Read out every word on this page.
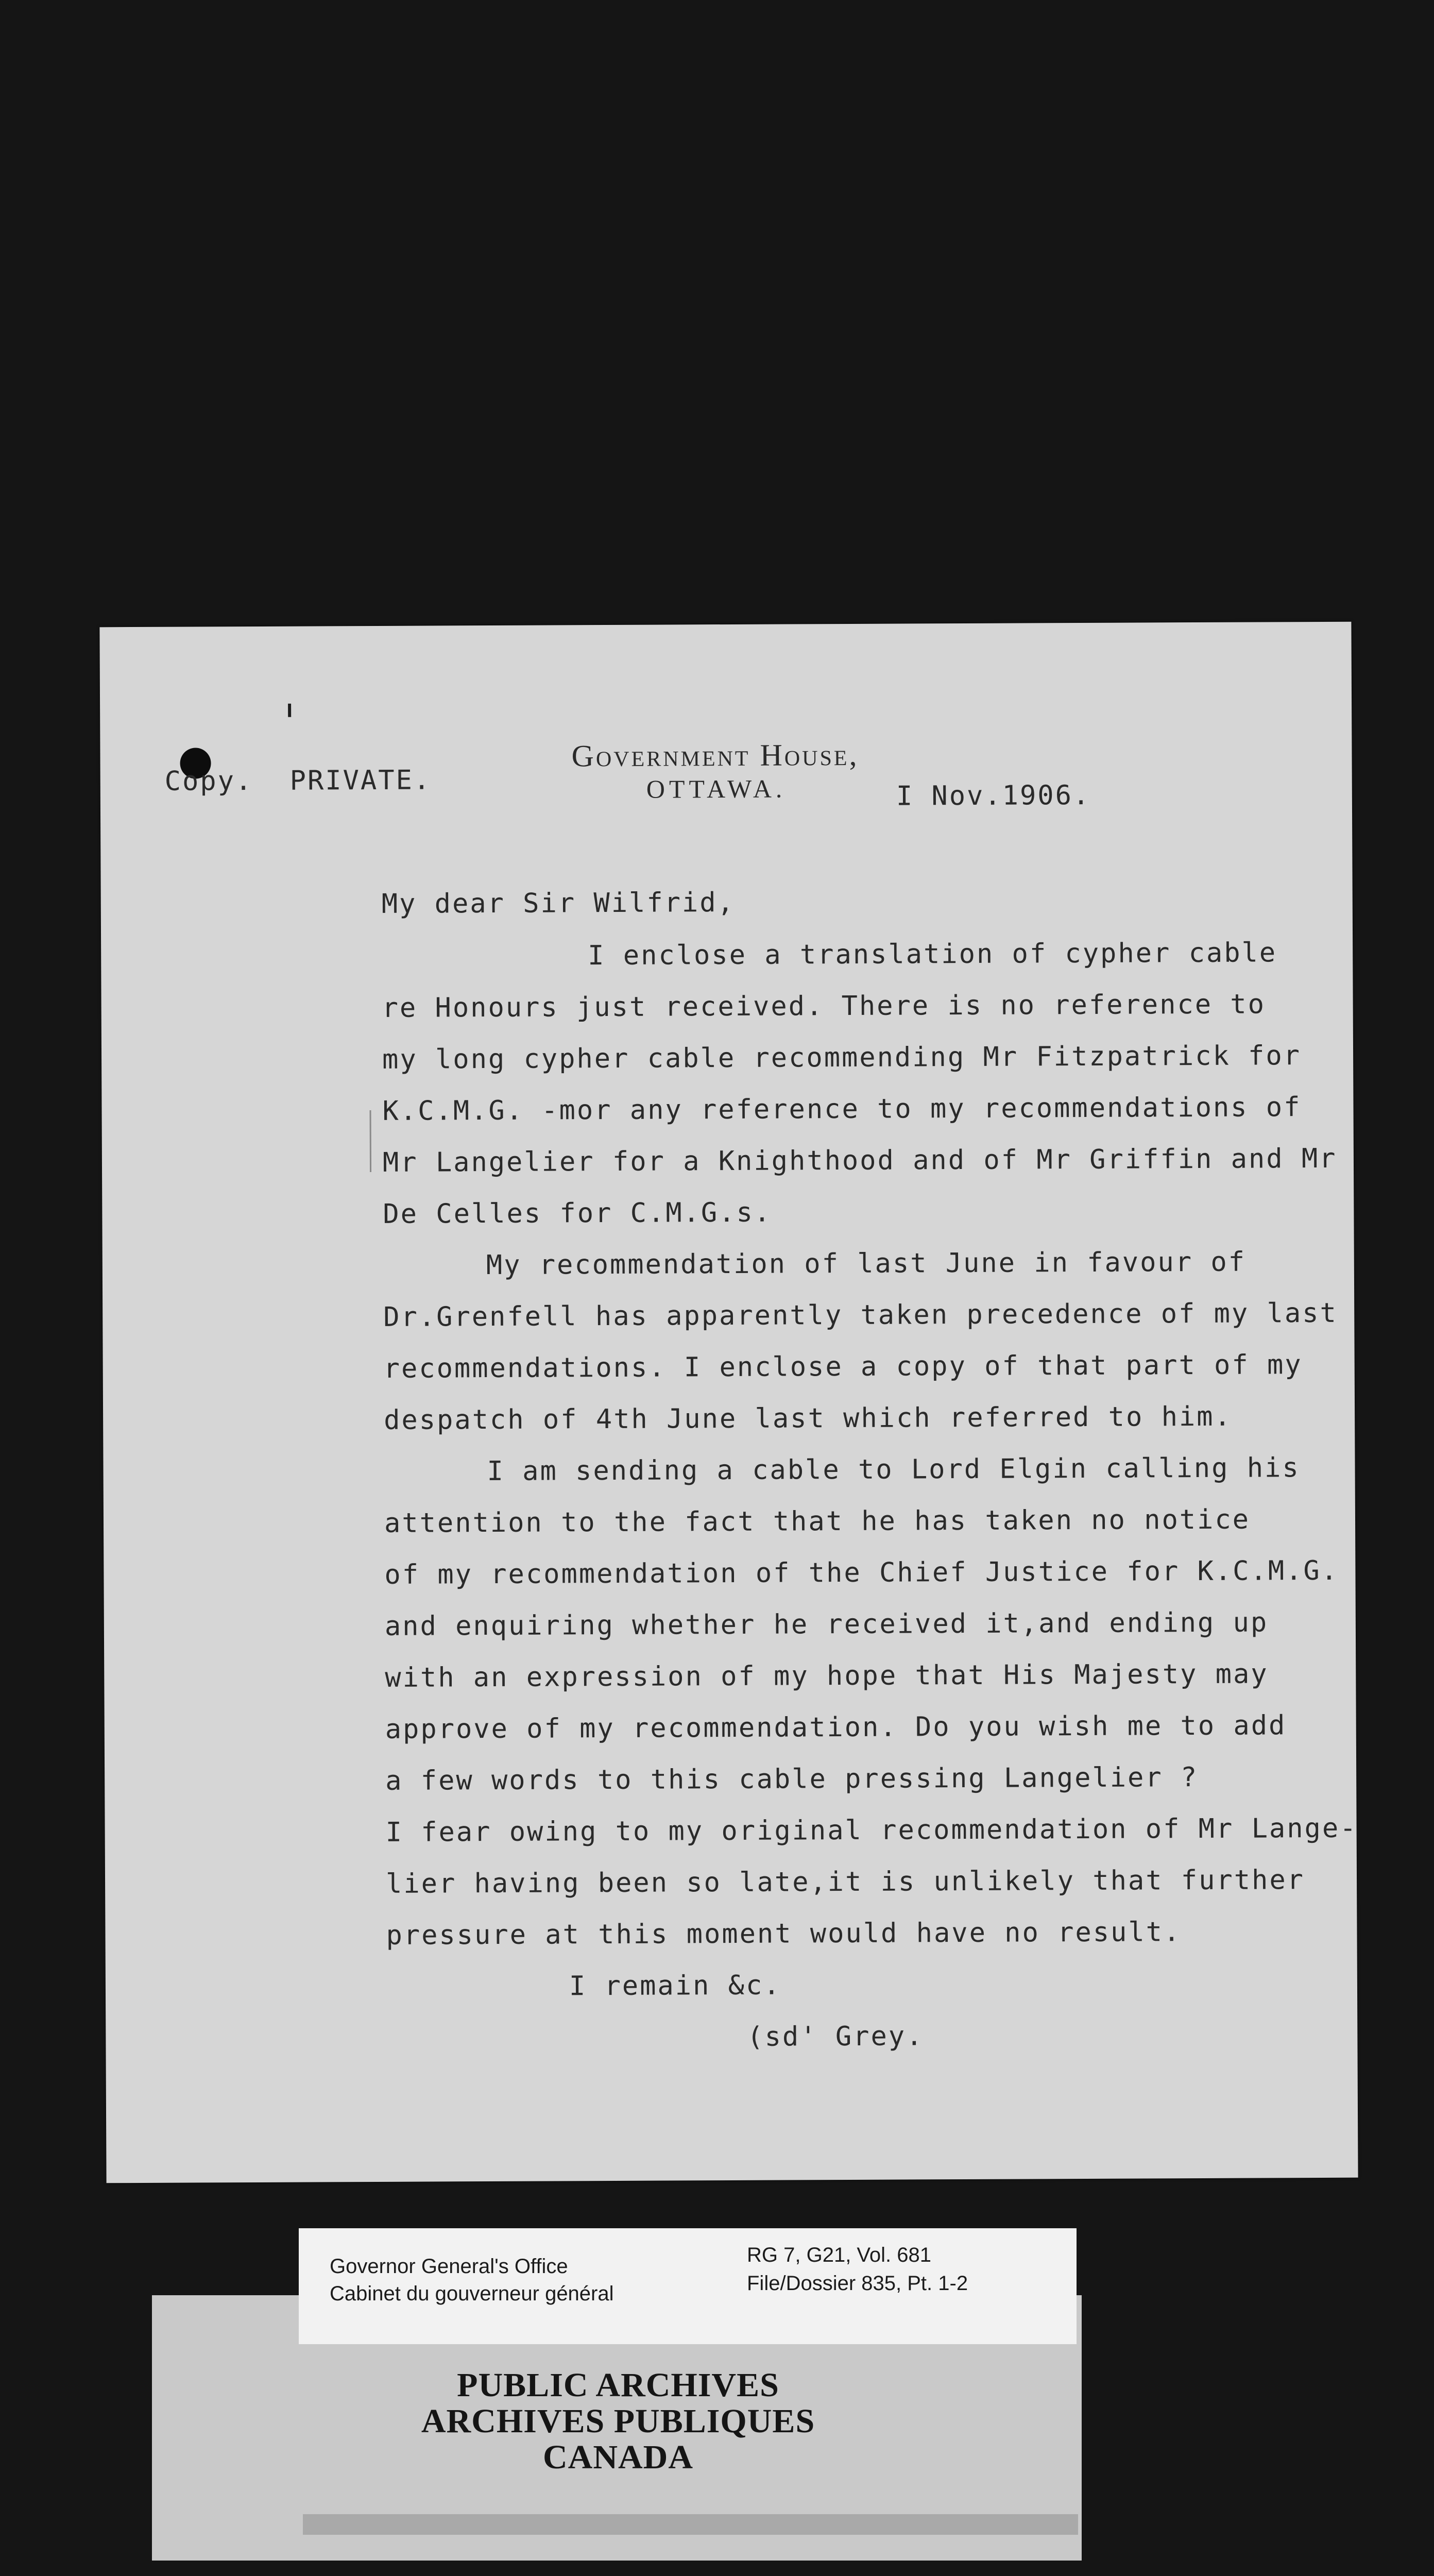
Copy. PRIVATE.
Government House,
OTTAWA.	I Nov.1906.
My dear Sir Wilfrid,
I enclose a translation of cypher cable
re Honours just received. There is no reference to
my long cypher cable recommending Mr Fitzpatrick for
K.C.M.G. -mor any reference to my recommendations of
Mr Langelier for a Knighthood and of Mr Griffin and Mr
De Celles for C.M.G.s.
My recommendation of last June in favour of
Dr.Grenfell has apparently taken precedence of my last
recommendations. I enclose a copy of that part of my
despatch of 4th June last which referred to him.
I am sending a cable to Lord Elgin calling his
attention to the fact that he has taken no notice
of my recommendation of the Chief Justice for K.C.M.G.
and enquiring whether he received it,and ending up
with an expression of my hope that His Majesty may
approve of my recommendation. Do you wish me to add
a few words to this cable pressing Langelier ?
I fear owing to my original recommendation of Mr Lange-
lier having been so late,it is unlikely that further
pressure at this moment would have no result.
I remain &c.
(sd' Grey.
Governor General's Office
Cabinet du gouverneur général
RG 7, G21, Vol. 681
File/Dossier 835, Pt. 1-2
PUBLIC ARCHIVES
ARCHIVES PUBLIQUES
CANADA
